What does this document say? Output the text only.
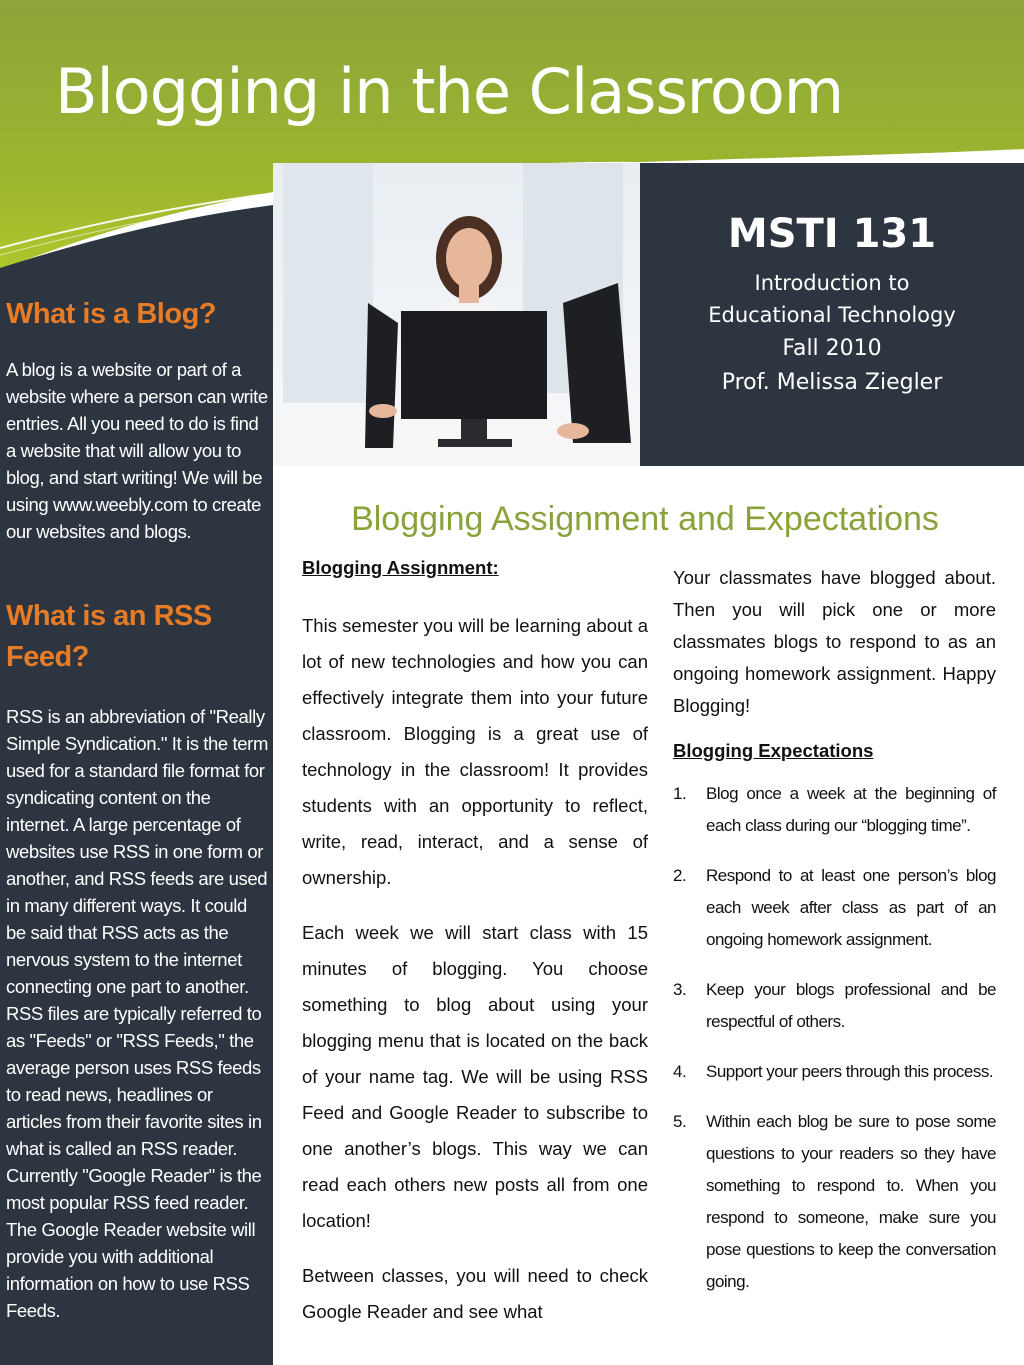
Blogging in the Classroom
MSTI 131
Introduction to
Educational Technology
Fall 2010
Prof. Melissa Ziegler
What is a Blog?

A blog is a website or part of a website where a person can write entries. All you need to do is find a website that will allow you to blog, and start writing! We will be using www.weebly.com to create our websites and blogs.

What is an RSS Feed?

RSS is an abbreviation of "Really Simple Syndication." It is the term used for a standard file format for syndicating content on the internet. A large percentage of websites use RSS in one form or another, and RSS feeds are used in many different ways. It could be said that RSS acts as the nervous system to the internet connecting one part to another. RSS files are typically referred to as "Feeds" or "RSS Feeds," the average person uses RSS feeds to read news, headlines or articles from their favorite sites in what is called an RSS reader. Currently "Google Reader" is the most popular RSS feed reader. The Google Reader website will provide you with additional information on how to use RSS Feeds.

Blogging Assignment and Expectations
Blogging Assignment:

This semester you will be learning about a lot of new technologies and how you can effectively integrate them into your future classroom. Blogging is a great use of technology in the classroom! It provides students with an opportunity to reflect, write, read, interact, and a sense of ownership.

Each week we will start class with 15 minutes of blogging. You choose something to blog about using your blogging menu that is located on the back of your name tag. We will be using RSS Feed and Google Reader to subscribe to one another’s blogs. This way we can read each others new posts all from one location!

Between classes, you will need to check Google Reader and see what

Your classmates have blogged about. Then you will pick one or more classmates blogs to respond to as an ongoing homework assignment. Happy Blogging!

Blogging Expectations
1. Blog once a week at the beginning of each class during our “blogging time”.
2. Respond to at least one person’s blog each week after class as part of an ongoing homework assignment.
3. Keep your blogs professional and be respectful of others.
4. Support your peers through this process.
5. Within each blog be sure to pose some questions to your readers so they have something to respond to. When you respond to someone, make sure you pose questions to keep the conversation going.
